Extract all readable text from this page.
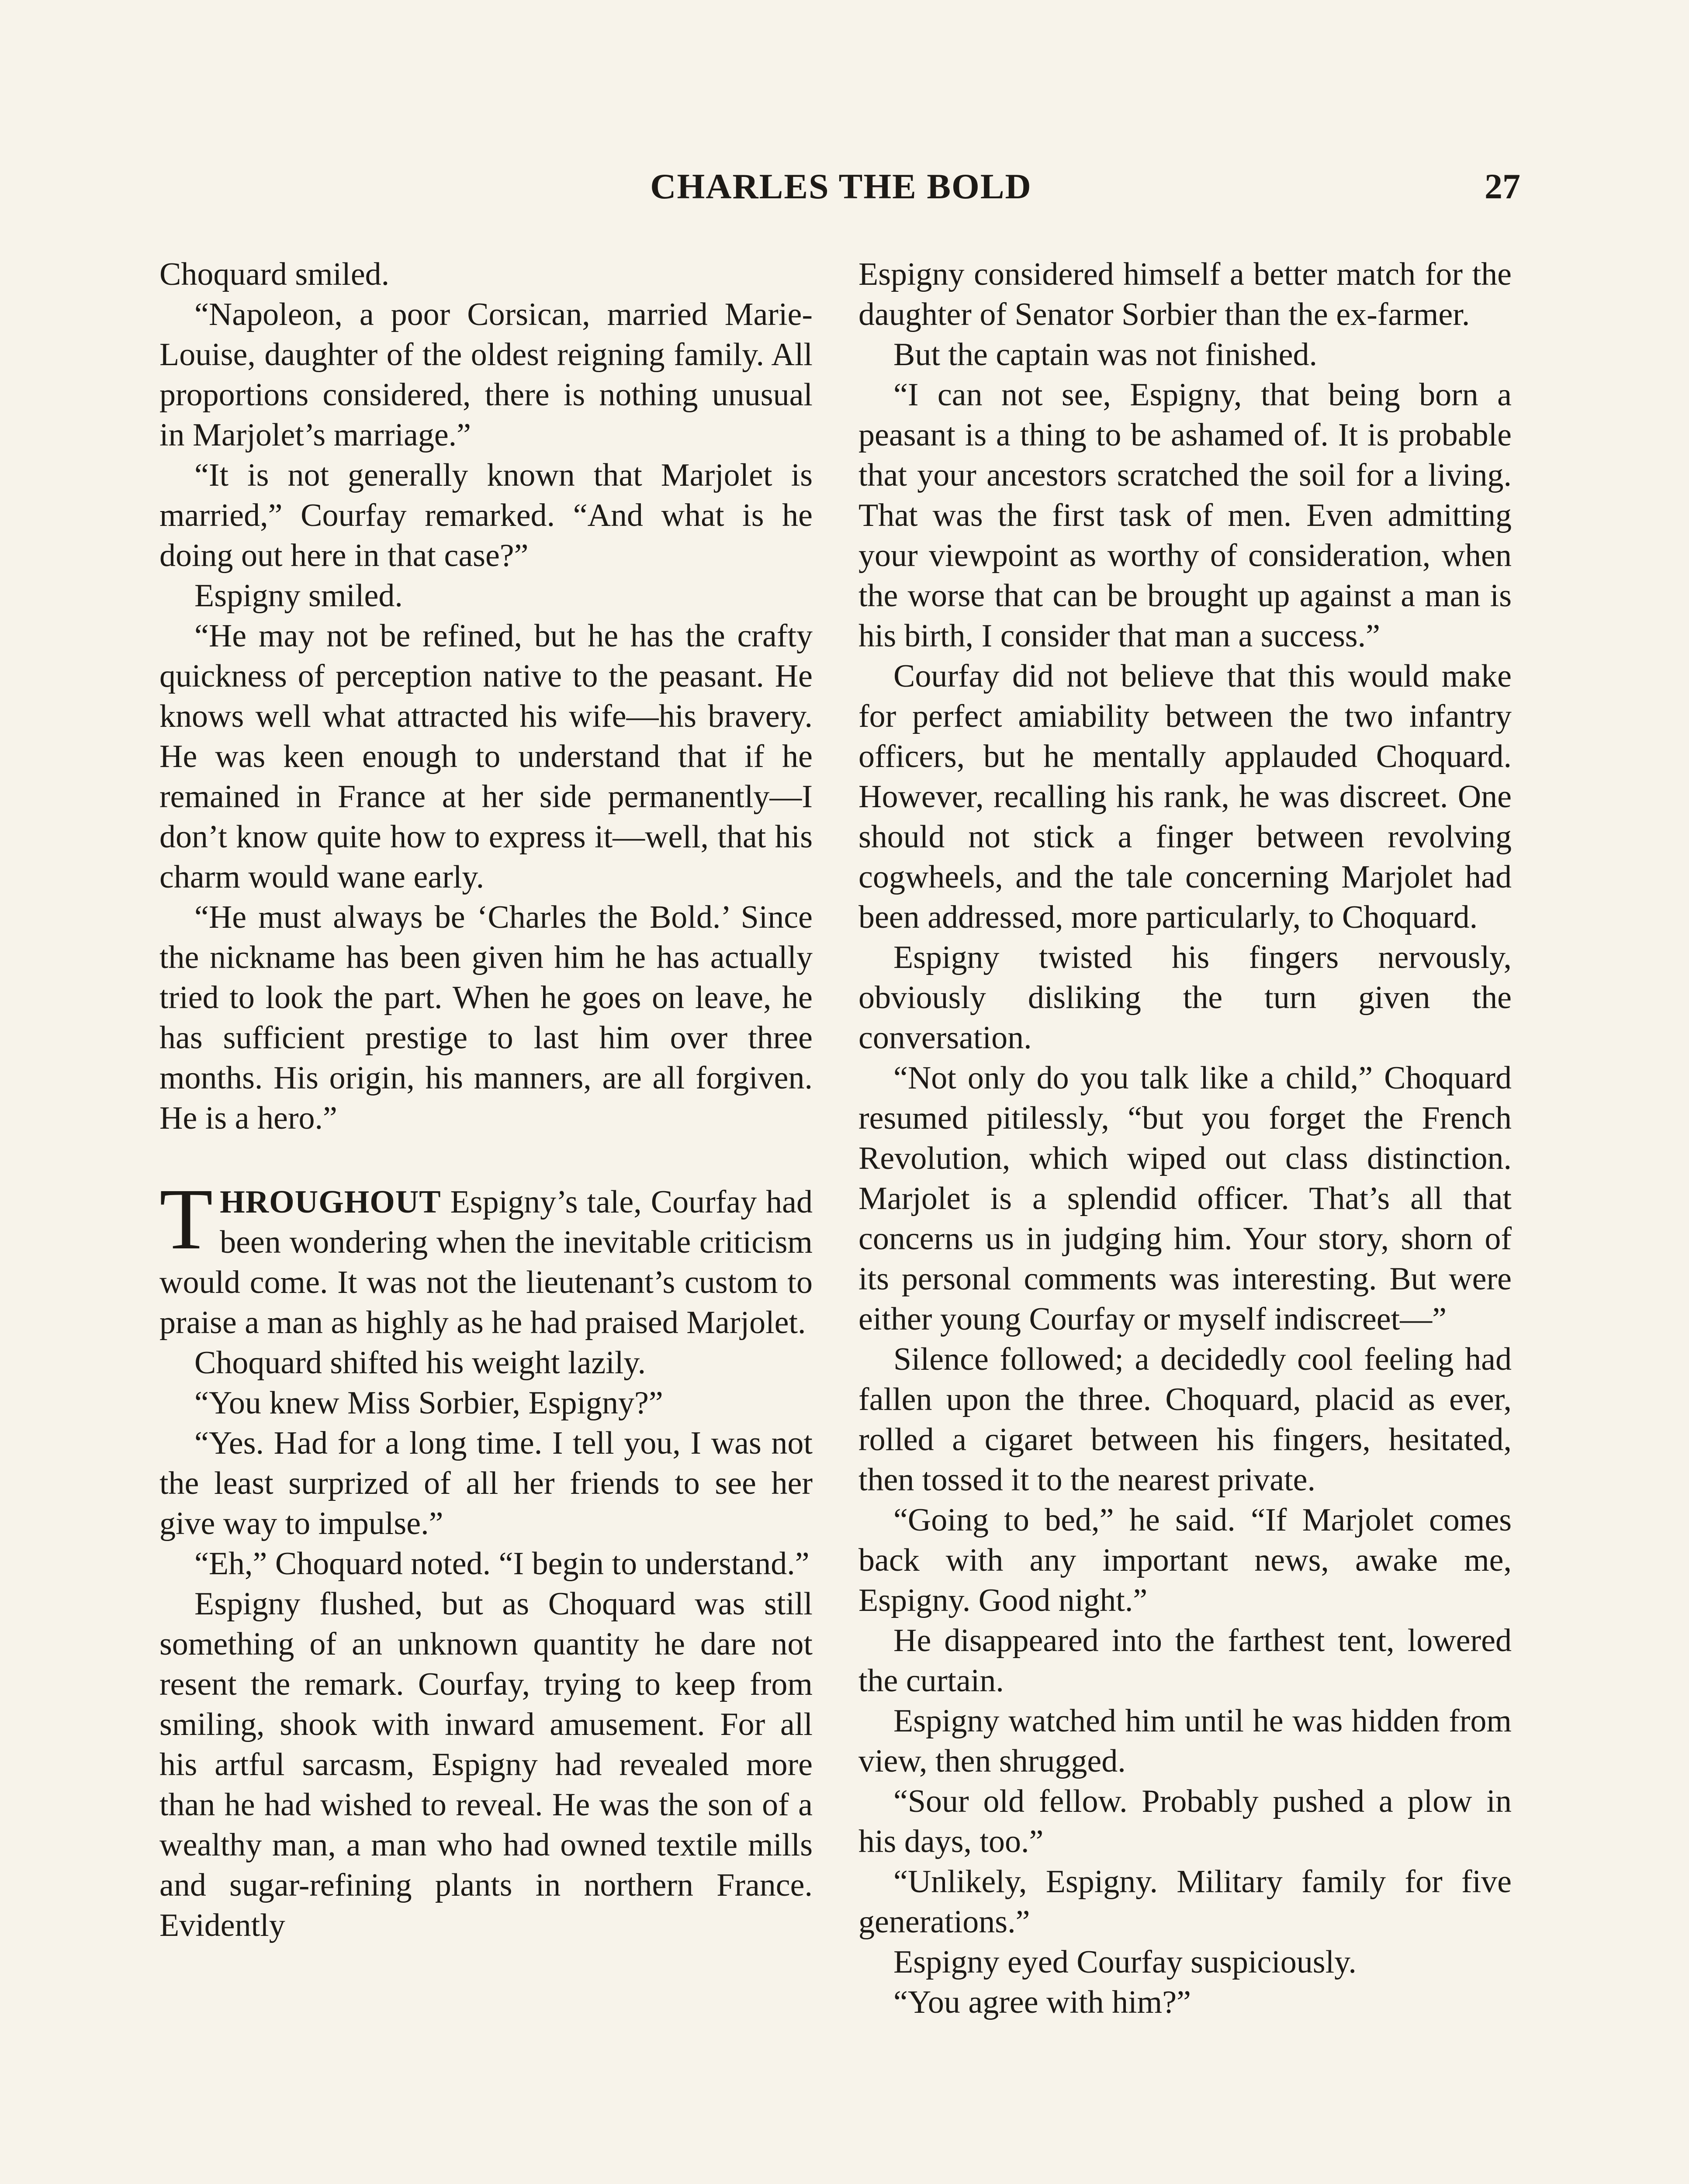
CHARLES THE BOLD	27

Choquard smiled.

“Napoleon, a poor Corsican, married Marie-Louise, daughter of the oldest reigning family. All proportions considered, there is nothing unusual in Marjolet’s marriage.”

“It is not generally known that Marjolet is married,” Courfay remarked. “And what is he doing out here in that case?”

Espigny smiled.

“He may not be refined, but he has the crafty quickness of perception native to the peasant. He knows well what attracted his wife—his bravery. He was keen enough to understand that if he remained in France at her side permanently—I don’t know quite how to express it—well, that his charm would wane early.

“He must always be ‘Charles the Bold.’ Since the nickname has been given him he has actually tried to look the part. When he goes on leave, he has sufficient prestige to last him over three months. His origin, his manners, are all forgiven. He is a hero.”

THROUGHOUT Espigny’s tale, Courfay had been wondering when the inevitable criticism would come. It was not the lieutenant’s custom to praise a man as highly as he had praised Marjolet.

Choquard shifted his weight lazily.

“You knew Miss Sorbier, Espigny?”

“Yes. Had for a long time. I tell you, I was not the least surprized of all her friends to see her give way to impulse.”

“Eh,” Choquard noted. “I begin to understand.”

Espigny flushed, but as Choquard was still something of an unknown quantity he dare not resent the remark. Courfay, trying to keep from smiling, shook with inward amusement. For all his artful sarcasm, Espigny had revealed more than he had wished to reveal. He was the son of a wealthy man, a man who had owned textile mills and sugar-refining plants in northern France. Evidently

Espigny considered himself a better match for the daughter of Senator Sorbier than the ex-farmer.

But the captain was not finished.

“I can not see, Espigny, that being born a peasant is a thing to be ashamed of. It is probable that your ancestors scratched the soil for a living. That was the first task of men. Even admitting your viewpoint as worthy of consideration, when the worse that can be brought up against a man is his birth, I consider that man a success.”

Courfay did not believe that this would make for perfect amiability between the two infantry officers, but he mentally applauded Choquard. However, recalling his rank, he was discreet. One should not stick a finger between revolving cogwheels, and the tale concerning Marjolet had been addressed, more particularly, to Choquard.

Espigny twisted his fingers nervously, obviously disliking the turn given the conversation.

“Not only do you talk like a child,” Choquard resumed pitilessly, “but you forget the French Revolution, which wiped out class distinction. Marjolet is a splendid officer. That’s all that concerns us in judging him. Your story, shorn of its personal comments was interesting. But were either young Courfay or myself indiscreet—”

Silence followed; a decidedly cool feeling had fallen upon the three. Choquard, placid as ever, rolled a cigaret between his fingers, hesitated, then tossed it to the nearest private.

“Going to bed,” he said. “If Marjolet comes back with any important news, awake me, Espigny. Good night.”

He disappeared into the farthest tent, lowered the curtain.

Espigny watched him until he was hidden from view, then shrugged.

“Sour old fellow. Probably pushed a plow in his days, too.”

“Unlikely, Espigny. Military family for five generations.”

Espigny eyed Courfay suspiciously.

“You agree with him?”
